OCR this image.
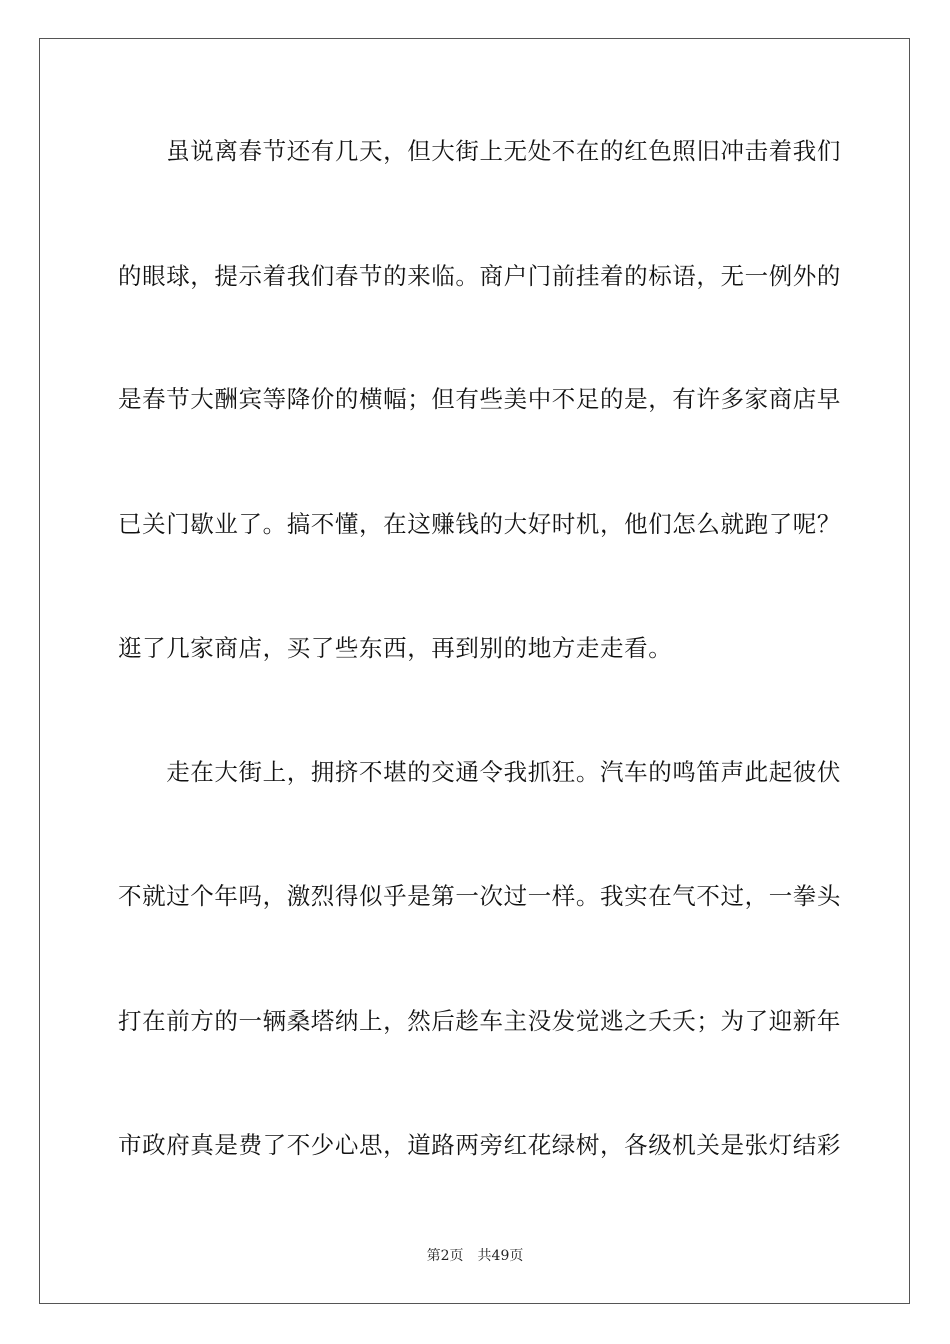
　　虽说离春节还有几天，但大街上无处不在的红色照旧冲击着我们
的眼球，提示着我们春节的来临。商户门前挂着的标语，无一例外的
是春节大酬宾等降价的横幅；但有些美中不足的是，有许多家商店早
已关门歇业了。搞不懂，在这赚钱的大好时机，他们怎么就跑了呢？
逛了几家商店，买了些东西，再到别的地方走走看。
　　走在大街上，拥挤不堪的交通令我抓狂。汽车的鸣笛声此起彼伏
不就过个年吗，激烈得似乎是第一次过一样。我实在气不过，一拳头
打在前方的一辆桑塔纳上，然后趁车主没发觉逃之夭夭；为了迎新年
市政府真是费了不少心思，道路两旁红花绿树，各级机关是张灯结彩
第2页 共49页
